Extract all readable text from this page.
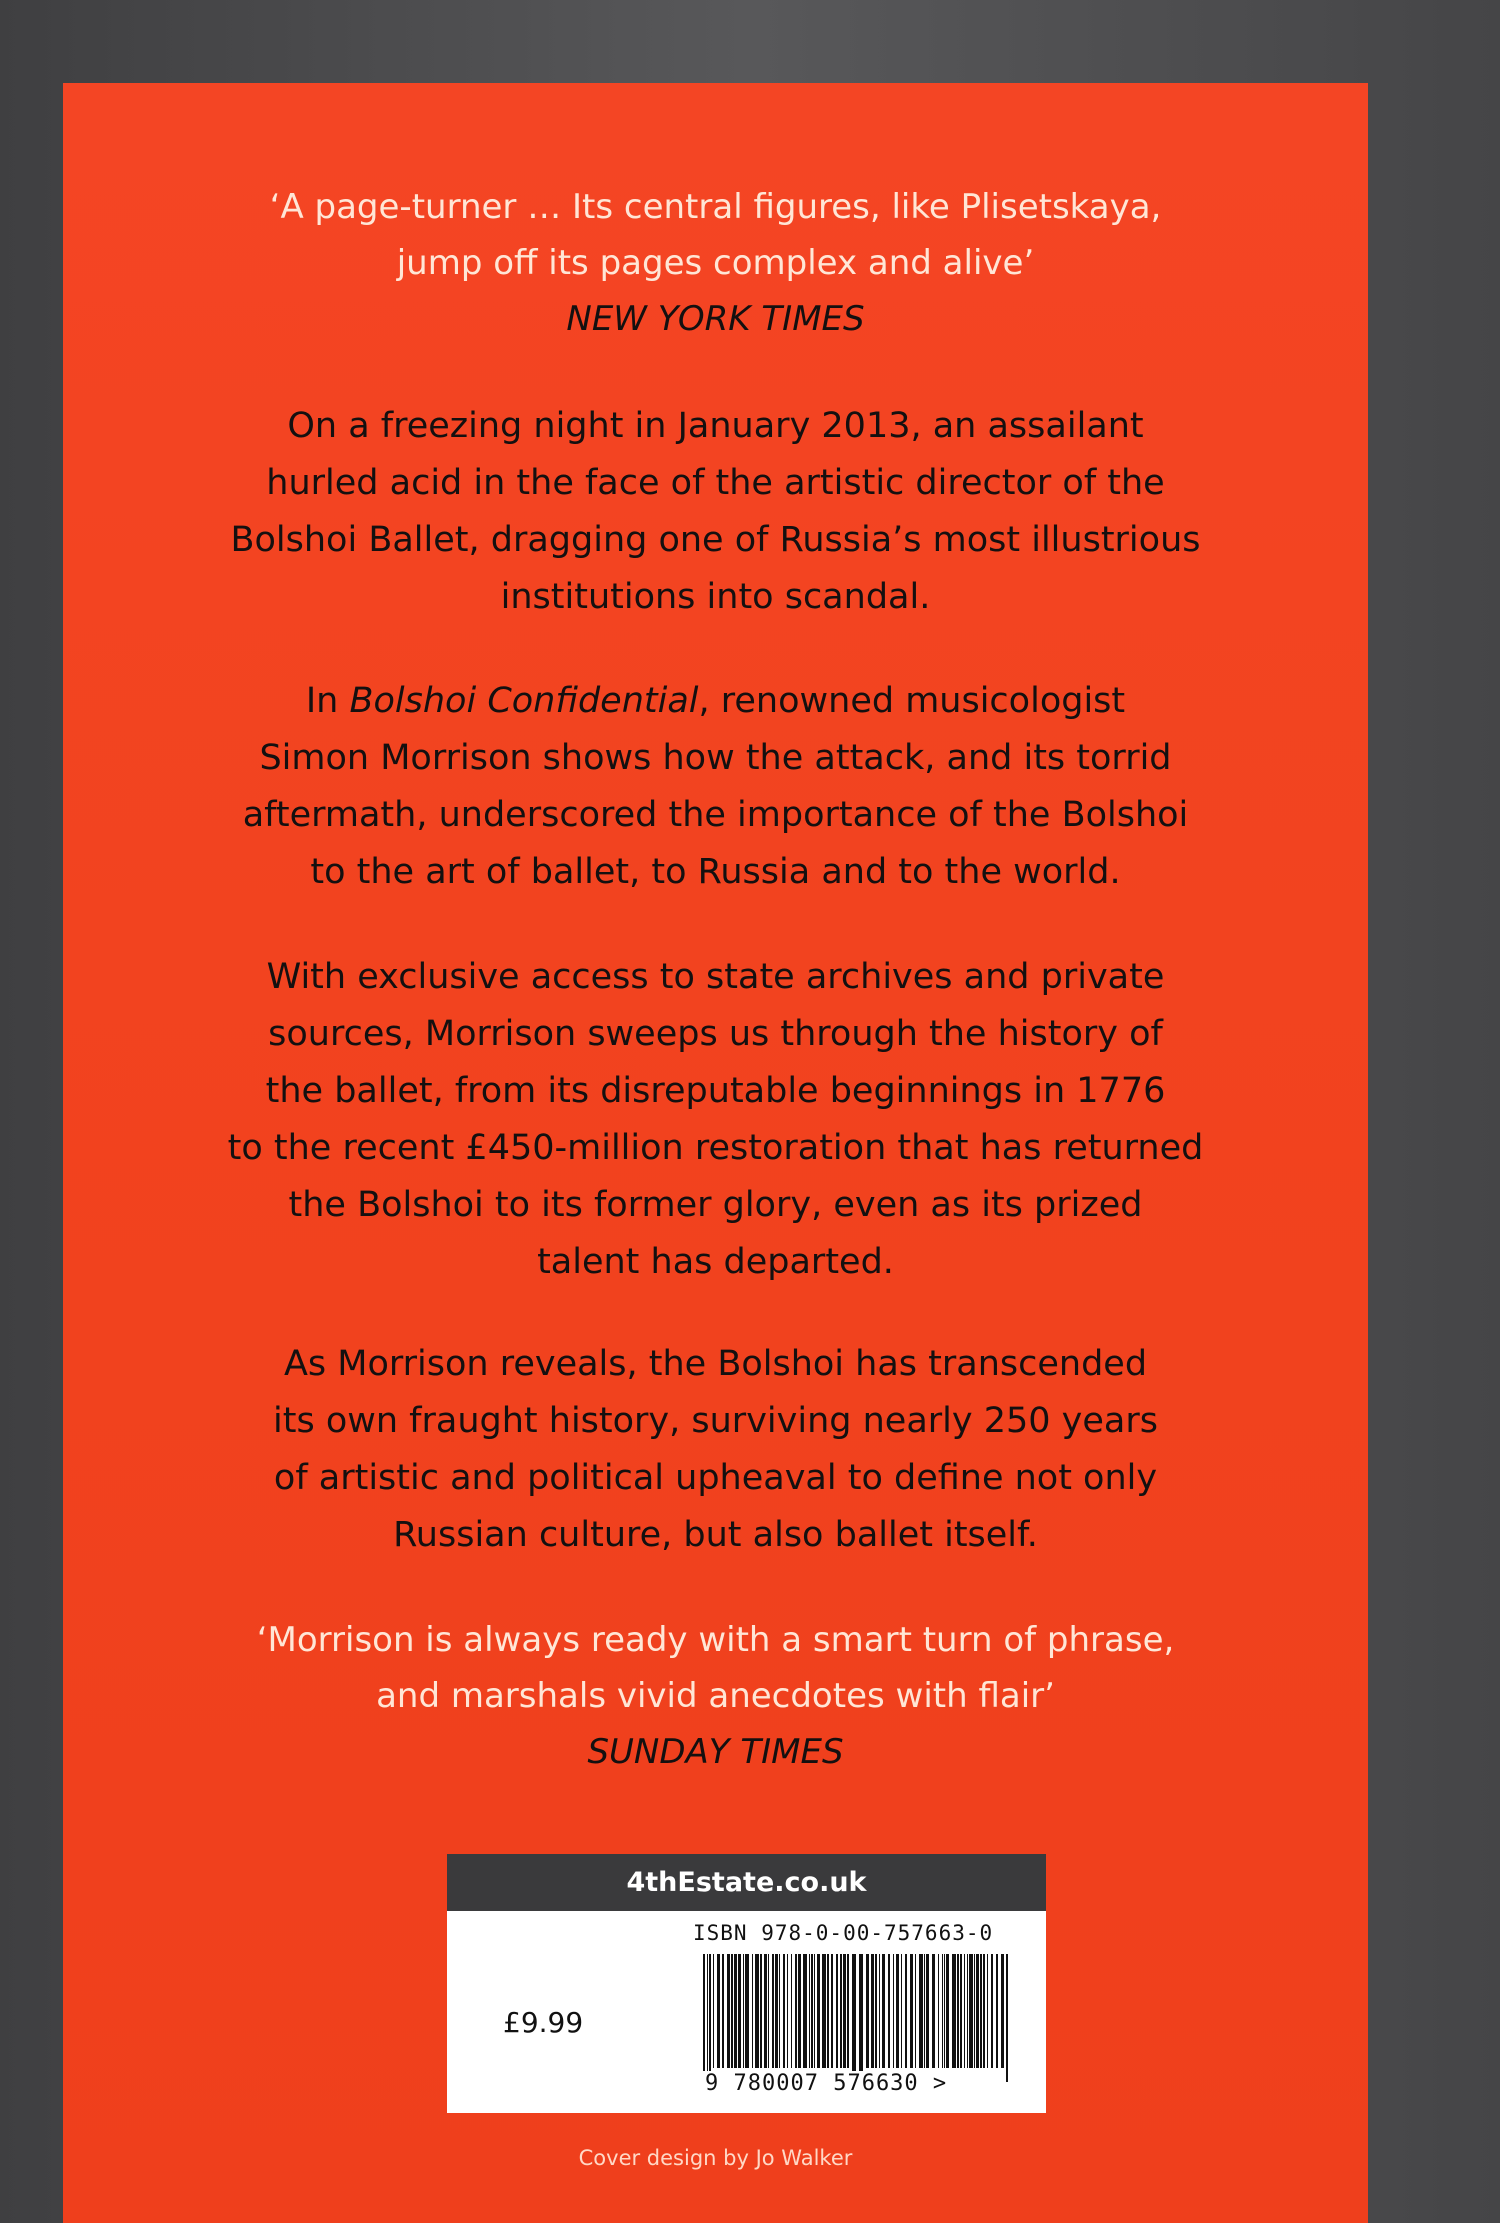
‘A page-turner … Its central figures, like Plisetskaya,
jump off its pages complex and alive’
NEW YORK TIMES
On a freezing night in January 2013, an assailant
hurled acid in the face of the artistic director of the
Bolshoi Ballet, dragging one of Russia’s most illustrious
institutions into scandal.
In Bolshoi Confidential, renowned musicologist
Simon Morrison shows how the attack, and its torrid
aftermath, underscored the importance of the Bolshoi
to the art of ballet, to Russia and to the world.
With exclusive access to state archives and private
sources, Morrison sweeps us through the history of
the ballet, from its disreputable beginnings in 1776
to the recent £450-million restoration that has returned
the Bolshoi to its former glory, even as its prized
talent has departed.
As Morrison reveals, the Bolshoi has transcended
its own fraught history, surviving nearly 250 years
of artistic and political upheaval to define not only
Russian culture, but also ballet itself.
‘Morrison is always ready with a smart turn of phrase,
and marshals vivid anecdotes with flair’
SUNDAY TIMES
4thEstate.co.uk
ISBN 978-0-00-757663-0
£9.99
9 780007 576630 >
Cover design by Jo Walker
